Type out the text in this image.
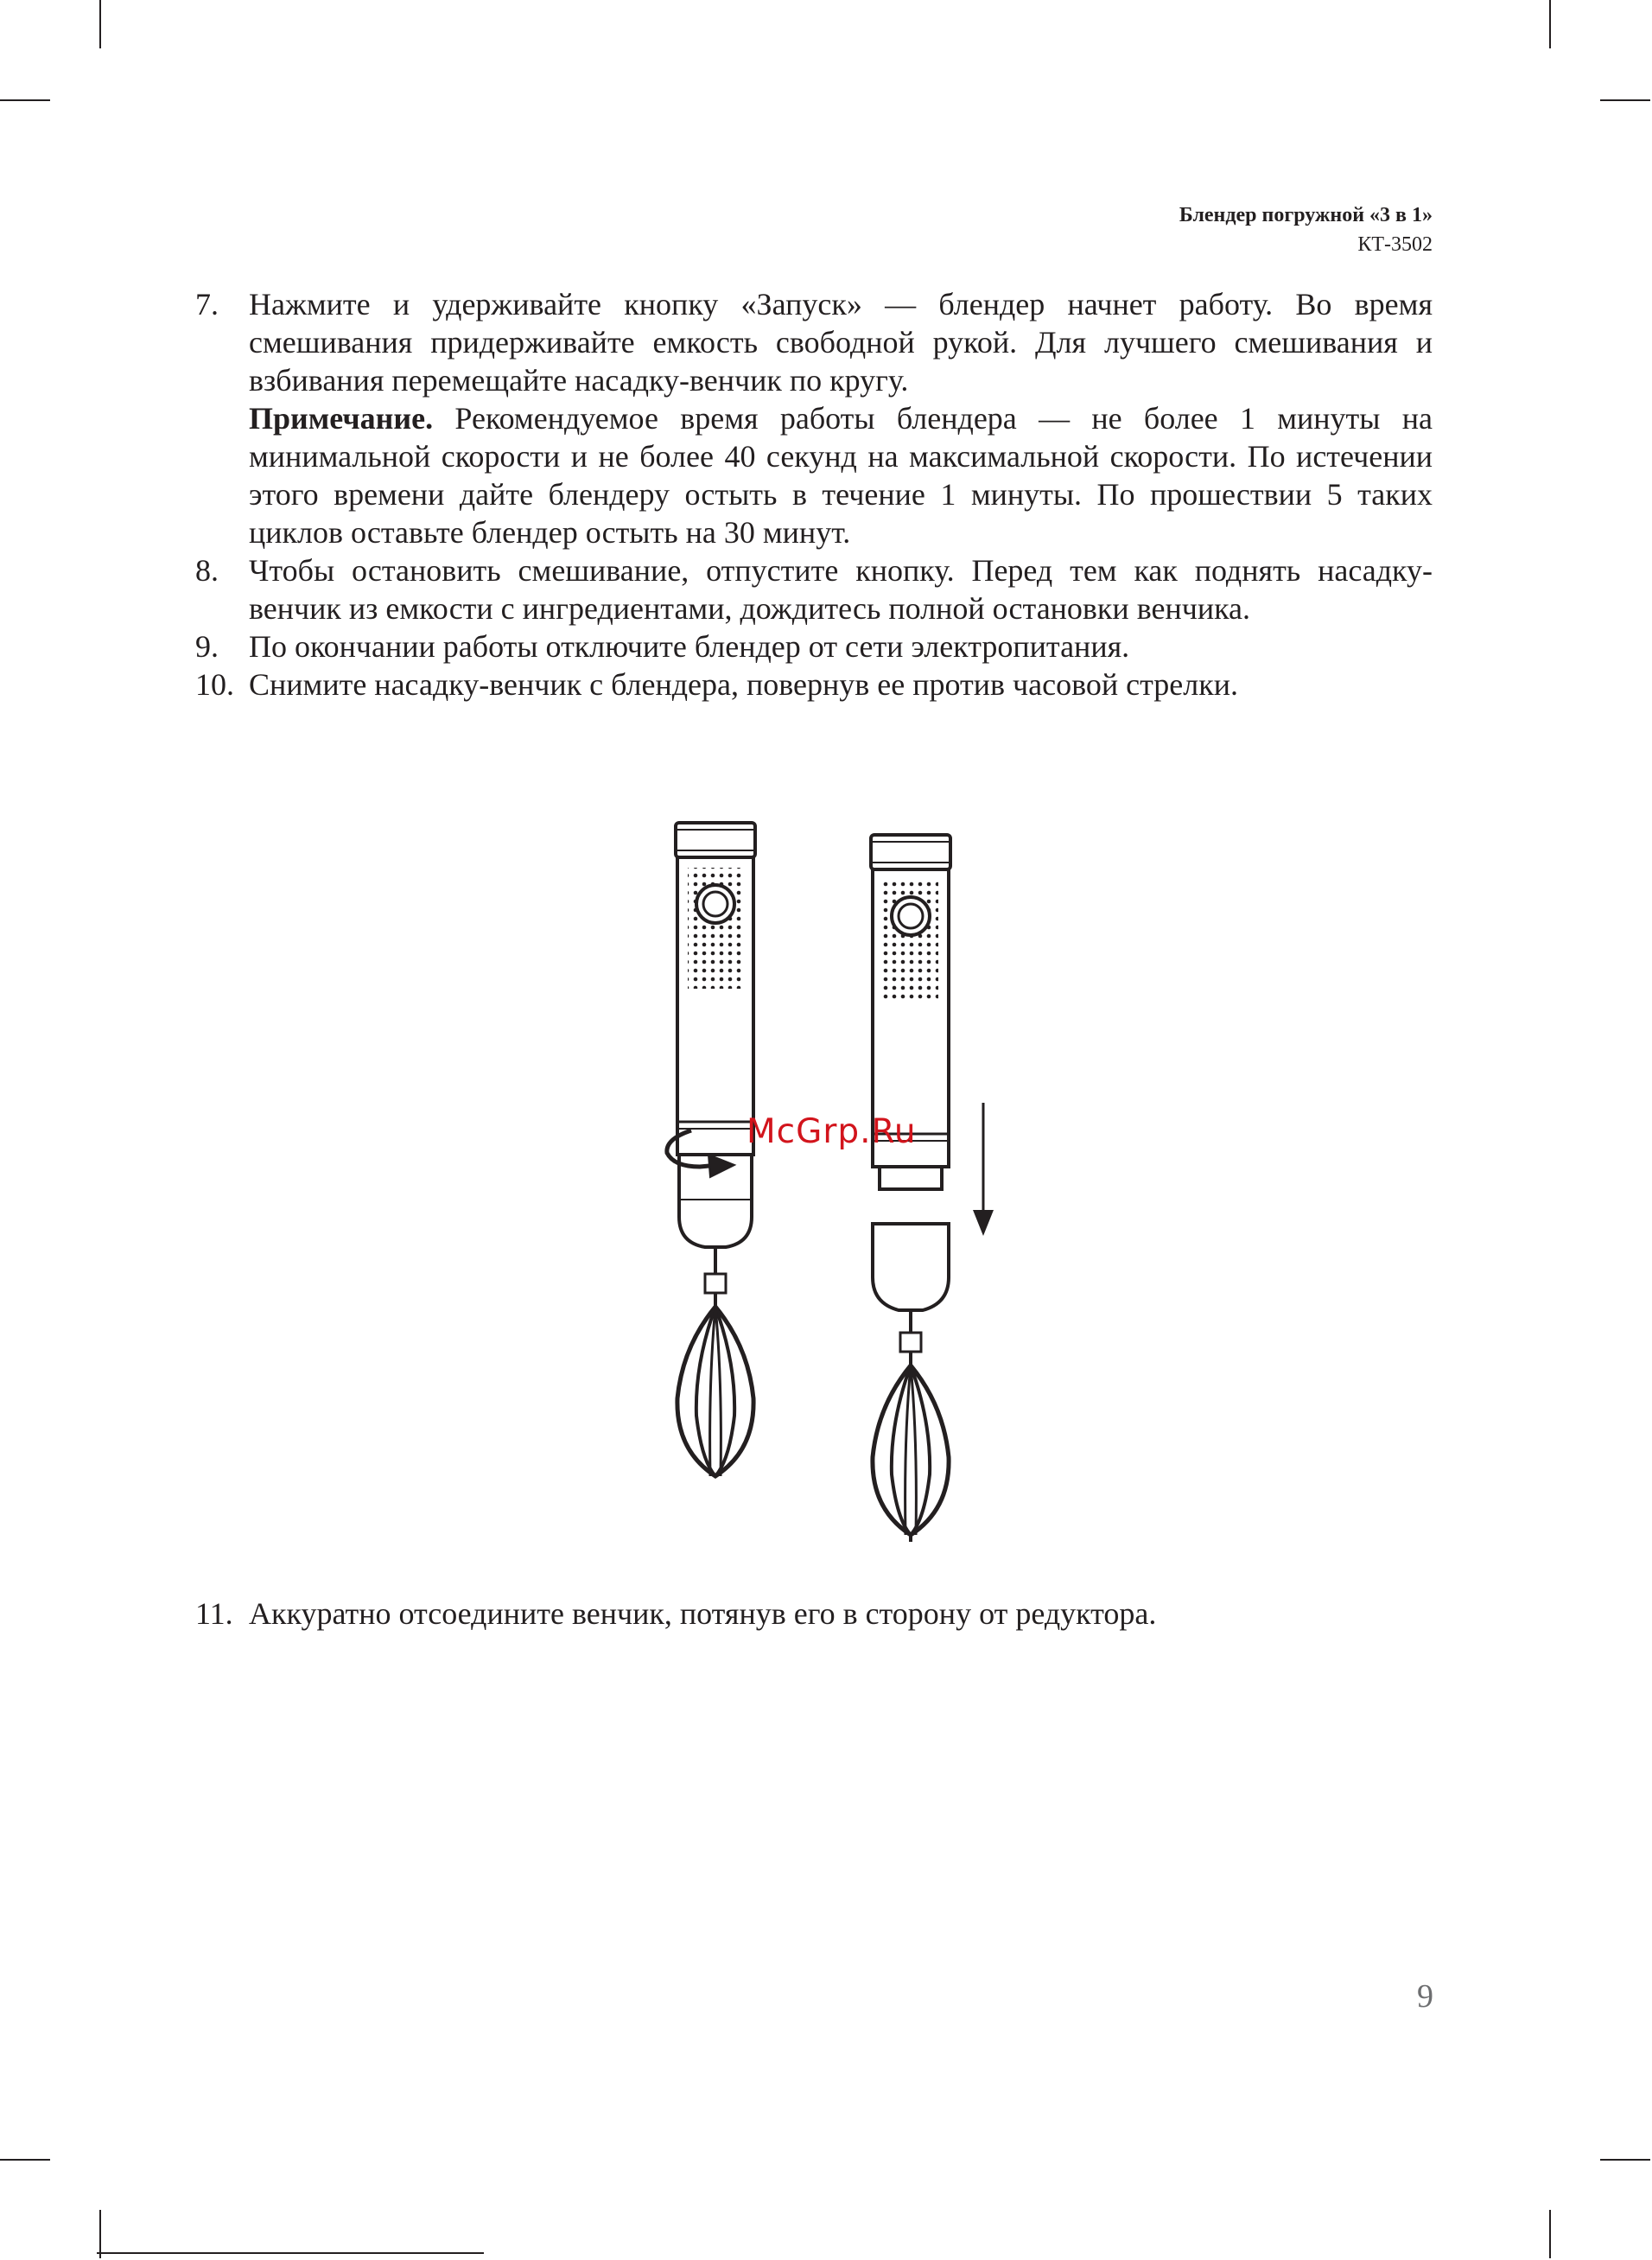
Блендер погружной «3 в 1»
КТ-3502
7. Нажмите и удерживайте кнопку «Запуск» — блендер начнет работу. Во время смешивания придерживайте емкость свободной рукой. Для лучшего смешивания и взбивания перемещайте насадку-венчик по кругу.

Примечание. Рекомендуемое время работы блендера — не более 1 минуты на минимальной скорости и не более 40 секунд на максимальной скорости. По истечении этого времени дайте блендеру остыть в течение 1 минуты. По прошествии 5 таких циклов оставьте блендер остыть на 30 минут.

8. Чтобы остановить смешивание, отпустите кнопку. Перед тем как поднять насадку-венчик из емкости с ингредиентами, дождитесь полной остановки венчика.

9. По окончании работы отключите блендер от сети электропитания.

10. Снимите насадку-венчик с блендера, повернув ее против часовой стрелки.

McGrp.Ru
11. Аккуратно отсоедините венчик, потянув его в сторону от редуктора.

9
